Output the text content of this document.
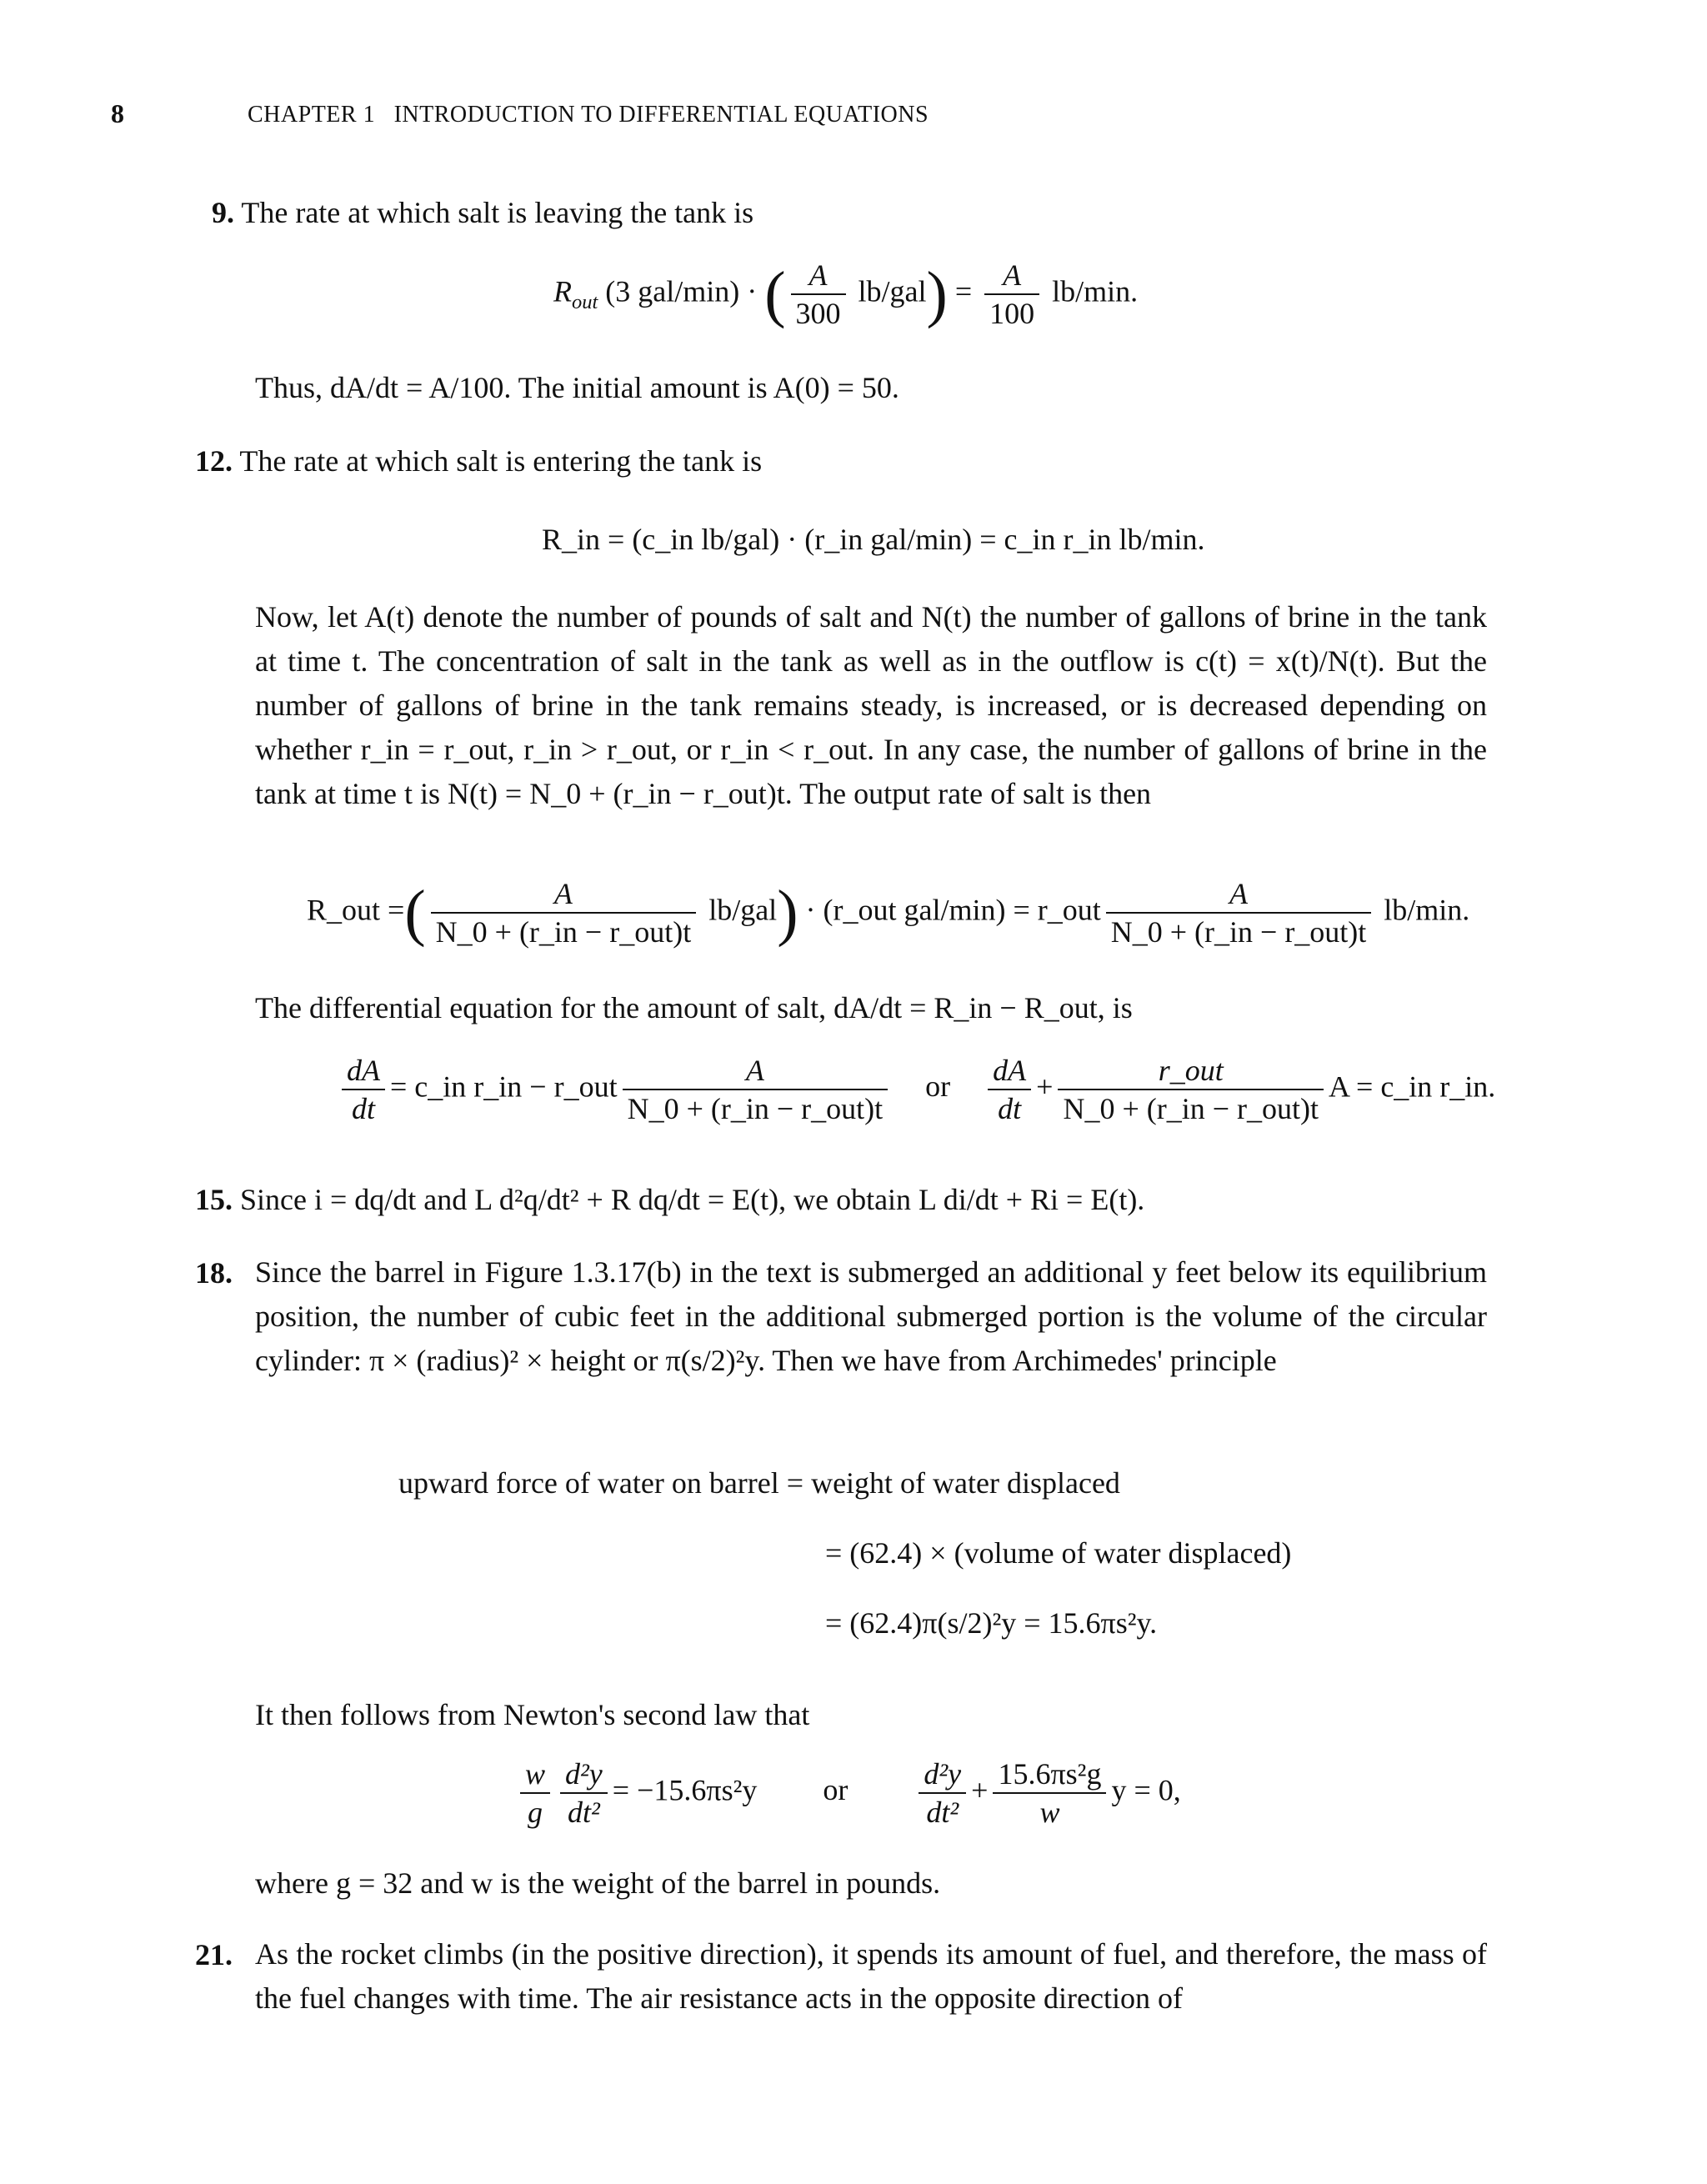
8	CHAPTER 1   INTRODUCTION TO DIFFERENTIAL EQUATIONS
9. The rate at which salt is leaving the tank is
$R_{out}$ (3 gal/min) · ( $\frac{A}{300} lb/gal) = \frac{A}{100} lb/\min$.
Thus, dA/dt = A/100. The initial amount is A(0) = 50.
12. The rate at which salt is entering the tank is
R_in = (c_in lb/gal) · (r_in gal/min) = c_in r_in lb/min.
Now, let A(t) denote the number of pounds of salt and N(t) the number of gallons of brine in the tank at time t. The concentration of salt in the tank as well as in the outflow is c(t) = x(t)/N(t). But the number of gallons of brine in the tank remains steady, is increased, or is decreased depending on whether r_in = r_out, r_in > r_out, or r_in < r_out. In any case, the number of gallons of brine in the tank at time t is N(t) = N_0 + (r_in − r_out)t. The output rate of salt is then
R_out =( $\frac{A}{\text{N\_0 + (r\_in − r\_out)t}} lb/gal$) · (r_out gal/min) = r_out $\frac{A}{\text{N\_0 + (r\_in − r\_out)t}} lb/\min$.
The differential equation for the amount of salt, dA/dt = R_in − R_out, is
$\frac{dA}{dt}$ = c_in r_in − r_out $\frac{A}{\text{N\_0 + (r\_in − r\_out)t}}$ or $\frac{dA}{dt} + \frac{\text{r\_out}}{\text{N\_0 + (r\_in − r\_out)t}}$ A = c_in r_in.
15. Since i = dq/dt and L d²q/dt² + R dq/dt = E(t), we obtain L di/dt + Ri = E(t).
18. Since the barrel in Figure 1.3.17(b) in the text is submerged an additional y feet below its equilibrium position, the number of cubic feet in the additional submerged portion is the volume of the circular cylinder: π × (radius)² × height or π(s/2)²y. Then we have from Archimedes' principle
upward force of water on barrel = weight of water displaced
= (62.4) × (volume of water displaced)
= (62.4)π(s/2)²y = 15.6πs²y.
It then follows from Newton's second law that
$\frac{w}{g} \frac{\text{d²y}}{\text{dt²}} = -15.6\pi s^2y$ or $\frac{\text{d²y}}{\text{dt²}} + \frac{\text{15.6πs²g}}{w}$ y = 0,
where g = 32 and w is the weight of the barrel in pounds.
21. As the rocket climbs (in the positive direction), it spends its amount of fuel, and therefore, the mass of the fuel changes with time. The air resistance acts in the opposite direction of
